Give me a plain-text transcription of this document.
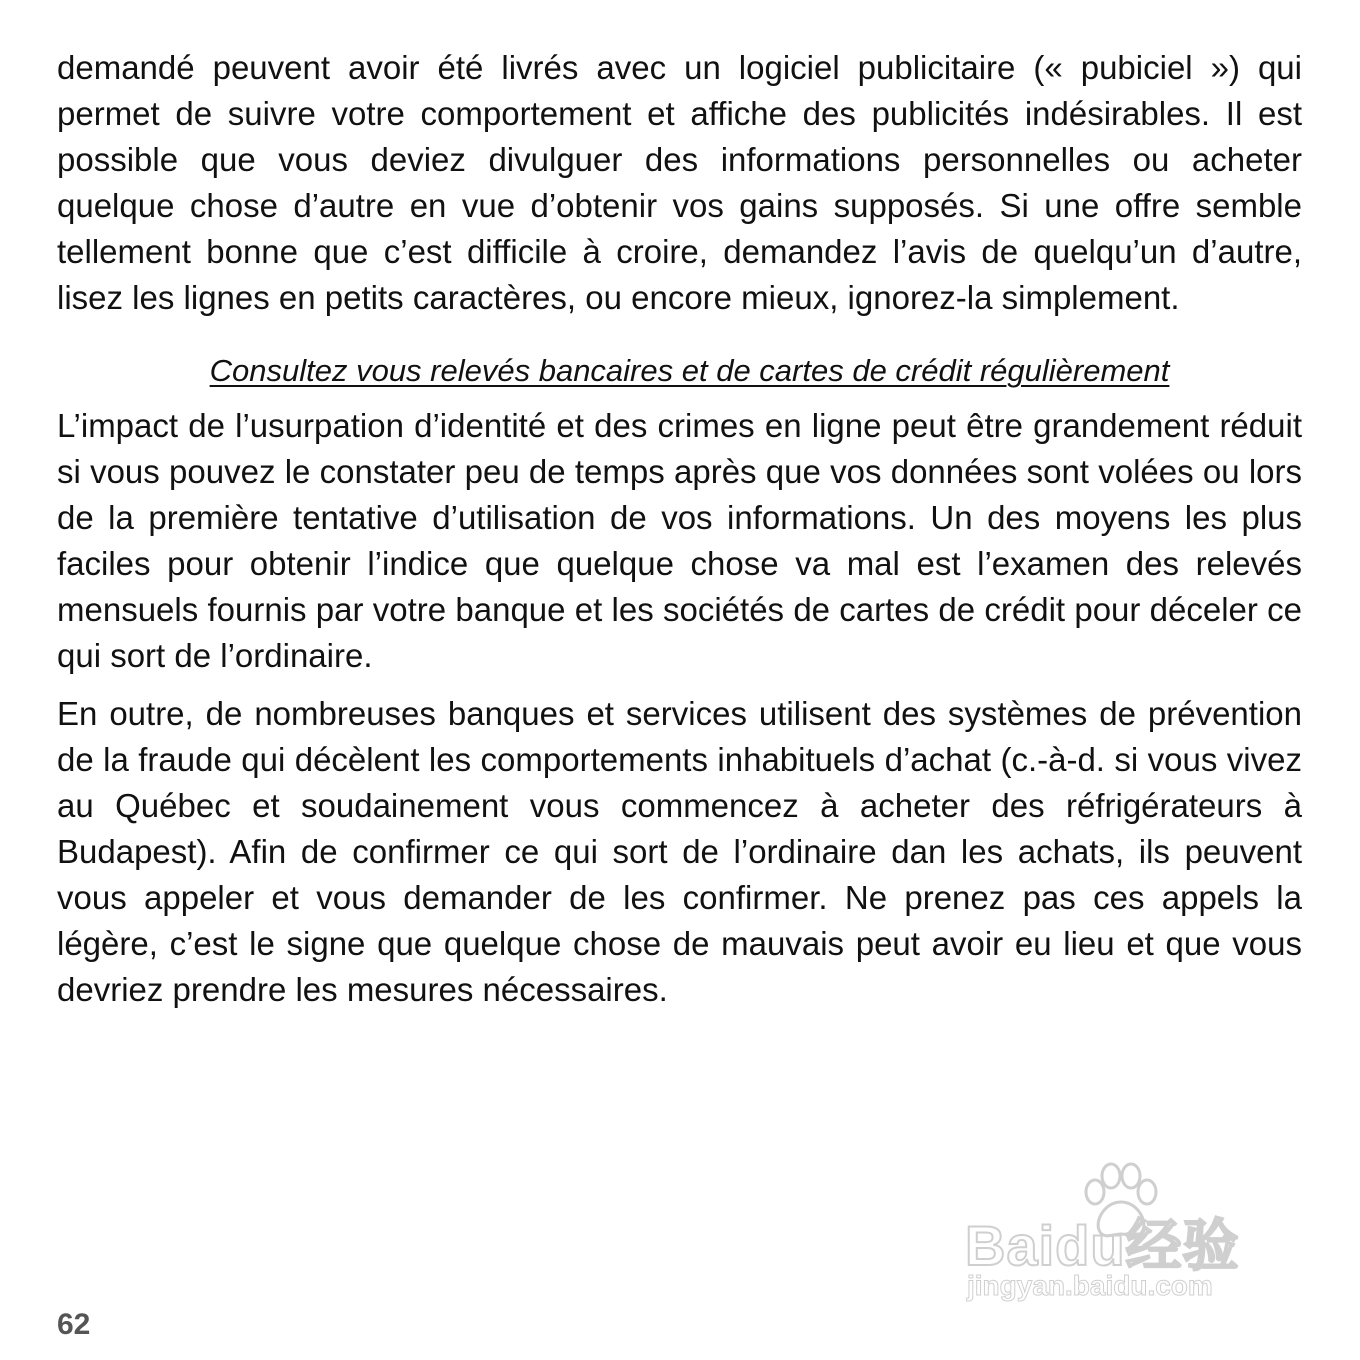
demandé peuvent avoir été livrés avec un logiciel publicitaire (« pubiciel ») qui permet de suivre votre comportement et affiche des publicités indésirables. Il est possible que vous deviez divulguer des informations personnelles ou acheter quelque chose d’autre en vue d’obtenir vos gains supposés. Si une offre semble tellement bonne que c’est difficile à croire, demandez l’avis de quelqu’un d’autre, lisez les lignes en petits caractères, ou encore mieux, ignorez-la simplement.

Consultez vous relevés bancaires et de cartes de crédit régulièrement

L’impact de l’usurpation d’identité et des crimes en ligne peut être grandement réduit si vous pouvez le constater peu de temps après que vos données sont volées ou lors de la première tentative d’utilisation de vos informations. Un des moyens les plus faciles pour obtenir l’indice que quelque chose va mal est l’examen des relevés mensuels fournis par votre banque et les sociétés de cartes de crédit pour déceler ce qui sort de l’ordinaire.

En outre, de nombreuses banques et services utilisent des systèmes de prévention de la fraude qui décèlent les comportements inhabituels d’achat (c.-à-d. si vous vivez au Québec et soudainement vous commencez à acheter des réfrigérateurs à Budapest). Afin de confirmer ce qui sort de l’ordinaire dan les achats, ils peuvent vous appeler et vous demander de les confirmer. Ne prenez pas ces appels la légère, c’est le signe que quelque chose de mauvais peut avoir eu lieu et que vous devriez prendre les mesures nécessaires.

Baidu经验
jingyan.baidu.com
62
